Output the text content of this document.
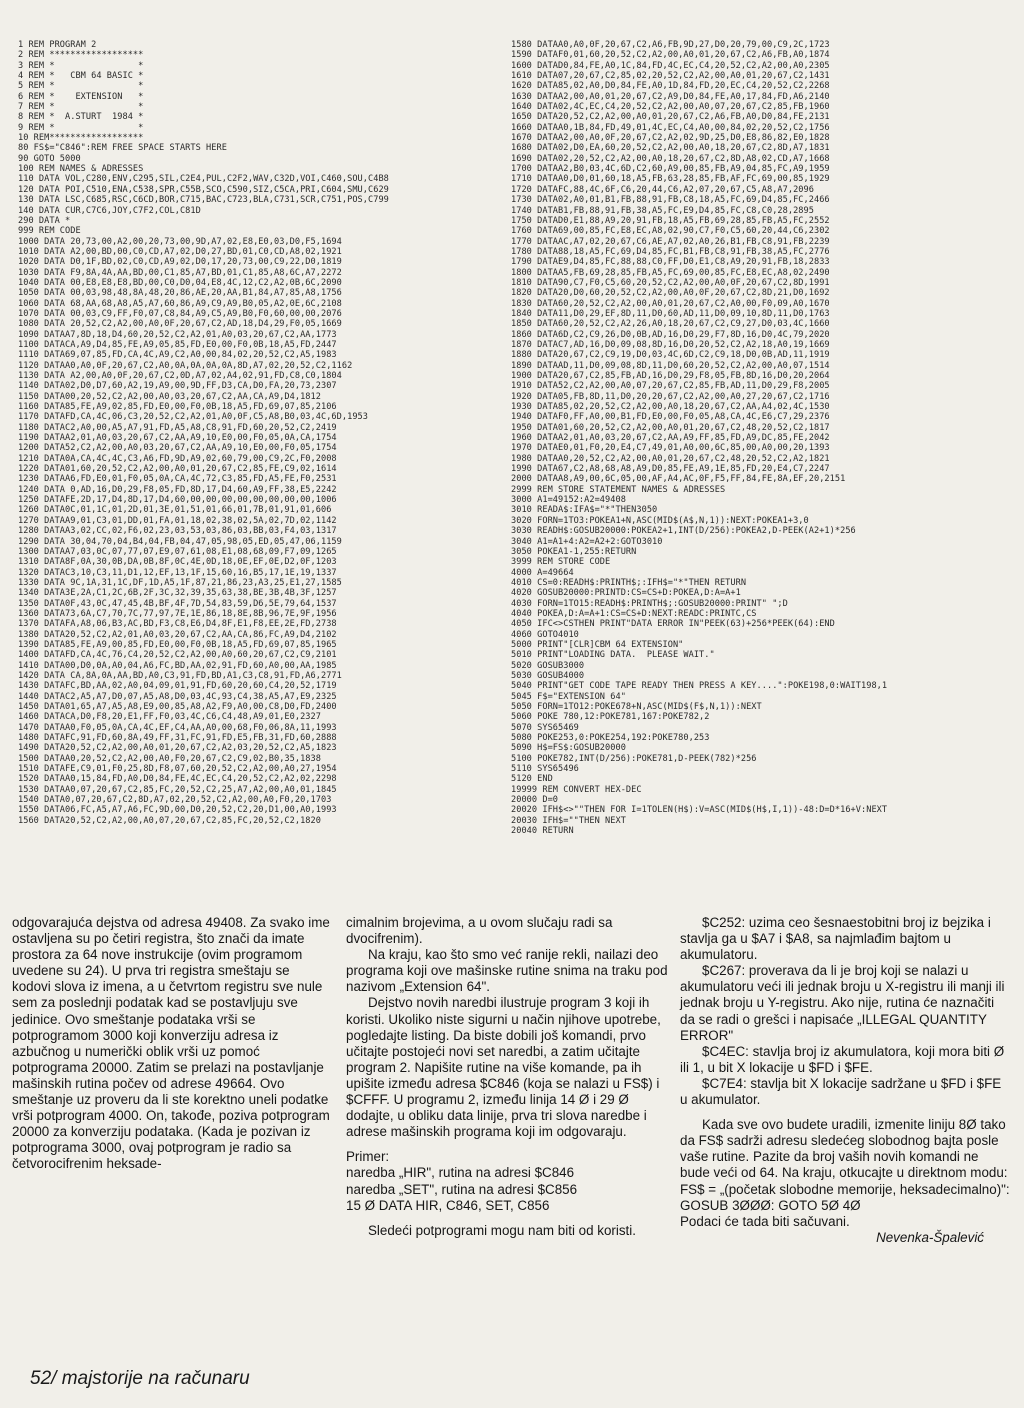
1 REM PROGRAM 2
2 REM ******************
3 REM *                *
4 REM *   CBM 64 BASIC *
5 REM *                *
6 REM *    EXTENSION   *
7 REM *                *
8 REM *  A.STURT  1984 *
9 REM *                *
10 REM******************
80 FS$="C846":REM FREE SPACE STARTS HERE
90 GOTO 5000
100 REM NAMES & ADRESSES
110 DATA VOL,C280,ENV,C295,SIL,C2E4,PUL,C2F2,WAV,C32D,VOI,C460,SOU,C4B8
120 DATA POI,C510,ENA,C538,SPR,C55B,SCO,C590,SIZ,C5CA,PRI,C604,SMU,C629
130 DATA LSC,C685,RSC,C6CD,BOR,C715,BAC,C723,BLA,C731,SCR,C751,POS,C799
140 DATA CUR,C7C6,JOY,C7F2,COL,C81D
290 DATA *
999 REM CODE
1000 DATA 20,73,00,A2,00,20,73,00,9D,A7,02,E8,E0,03,D0,F5,1694
1010 DATA A2,00,BD,00,C0,CD,A7,02,D0,27,BD,01,C0,CD,A8,02,1921
1020 DATA D0,1F,BD,02,C0,CD,A9,02,D0,17,20,73,00,C9,22,D0,1819
1030 DATA F9,8A,4A,AA,BD,00,C1,85,A7,BD,01,C1,85,A8,6C,A7,2272
1040 DATA 00,E8,E8,E8,BD,00,C0,D0,04,E8,4C,12,C2,A2,0B,6C,2090
1050 DATA 00,03,98,48,8A,48,20,86,AE,20,AA,B1,84,A7,85,A8,1756
1060 DATA 68,AA,68,A8,A5,A7,60,86,A9,C9,A9,B0,05,A2,0E,6C,2108
1070 DATA 00,03,C9,FF,F0,07,C8,84,A9,C5,A9,B0,F0,60,00,00,2076
1080 DATA 20,52,C2,A2,00,A0,0F,20,67,C2,AD,18,D4,29,F0,05,1669
1090 DATAA7,8D,18,D4,60,20,52,C2,A2,01,A0,03,20,67,C2,AA,1773
1100 DATACA,A9,D4,85,FE,A9,05,85,FD,E0,00,F0,0B,18,A5,FD,2447
1110 DATA69,07,85,FD,CA,4C,A9,C2,A0,00,84,02,20,52,C2,A5,1983
1120 DATAA0,A0,0F,20,67,C2,A0,0A,0A,0A,0A,8D,A7,02,20,52,C2,1162
1130 DATA A2,00,A0,0F,20,67,C2,0D,A7,02,A4,02,91,FD,C8,C0,1804
1140 DATA02,D0,D7,60,A2,19,A9,00,9D,FF,D3,CA,D0,FA,20,73,2307
1150 DATA00,20,52,C2,A2,00,A0,03,20,67,C2,AA,CA,A9,D4,1812
1160 DATA85,FE,A9,02,85,FD,E0,00,F0,0B,18,A5,FD,69,07,85,2106
1170 DATAFD,CA,4C,06,C3,20,52,C2,A2,01,A0,0F,C5,A8,B0,03,4C,6D,1953
1180 DATAC2,A0,00,A5,A7,91,FD,A5,A8,C8,91,FD,60,20,52,C2,2419
1190 DATAA2,01,A0,03,20,67,C2,AA,A9,10,E0,00,F0,05,0A,CA,1754
1200 DATA52,C2,A2,00,A0,03,20,67,C2,AA,A9,10,E0,00,F0,05,1754
1210 DATA0A,CA,4C,4C,C3,A6,FD,9D,A9,02,60,79,00,C9,2C,F0,2008
1220 DATA01,60,20,52,C2,A2,00,A0,01,20,67,C2,85,FE,C9,02,1614
1230 DATAA6,FD,E0,01,F0,05,0A,CA,4C,72,C3,85,FD,A5,FE,F0,2531
1240 DATA 0,AD,16,D0,29,F8,05,FD,8D,17,D4,60,A9,FF,38,E5,2242
1250 DATAFE,2D,17,D4,8D,17,D4,60,00,00,00,00,00,00,00,00,1006
1260 DATA0C,01,1C,01,2D,01,3E,01,51,01,66,01,7B,01,91,01,606
1270 DATAA9,01,C3,01,DD,01,FA,01,18,02,38,02,5A,02,7D,02,1142
1280 DATAA3,02,CC,02,F6,02,23,03,53,03,86,03,BB,03,F4,03,1317
1290 DATA 30,04,70,04,B4,04,FB,04,47,05,98,05,ED,05,47,06,1159
1300 DATAA7,03,0C,07,77,07,E9,07,61,08,E1,08,68,09,F7,09,1265
1310 DATA8F,0A,30,0B,DA,0B,8F,0C,4E,0D,18,0E,EF,0E,D2,0F,1203
1320 DATAC3,10,C3,11,D1,12,EF,13,1F,15,60,16,B5,17,1E,19,1337
1330 DATA 9C,1A,31,1C,DF,1D,A5,1F,87,21,86,23,A3,25,E1,27,1585
1340 DATA3E,2A,C1,2C,6B,2F,3C,32,39,35,63,38,BE,3B,4B,3F,1257
1350 DATA0F,43,0C,47,45,4B,BF,4F,7D,54,83,59,D6,5E,79,64,1537
1360 DATA73,6A,C7,70,7C,77,97,7E,1E,86,18,8E,8B,96,7E,9F,1956
1370 DATAFA,A8,06,B3,AC,BD,F3,C8,E6,D4,8F,E1,F8,EE,2E,FD,2738
1380 DATA20,52,C2,A2,01,A0,03,20,67,C2,AA,CA,86,FC,A9,D4,2102
1390 DATA85,FE,A9,00,85,FD,E0,00,F0,0B,18,A5,FD,69,07,85,1965
1400 DATAFD,CA,4C,76,C4,20,52,C2,A2,00,A0,60,20,67,C2,C9,2101
1410 DATA00,D0,0A,A0,04,A6,FC,BD,AA,02,91,FD,60,A0,00,AA,1985
1420 DATA CA,8A,0A,AA,BD,A0,C3,91,FD,BD,A1,C3,C8,91,FD,A6,2771
1430 DATAFC,BD,AA,02,A0,04,09,01,91,FD,60,20,60,C4,20,52,1719
1440 DATAC2,A5,A7,D0,07,A5,A8,D0,03,4C,93,C4,38,A5,A7,E9,2325
1450 DATA01,65,A7,A5,A8,E9,00,85,A8,A2,F9,A0,00,C8,D0,FD,2400
1460 DATACA,D0,F8,20,E1,FF,F0,03,4C,C6,C4,48,A9,01,E0,2327
1470 DATAA0,F0,05,0A,CA,4C,EF,C4,AA,A0,00,68,F0,06,8A,11,1993
1480 DATAFC,91,FD,60,8A,49,FF,31,FC,91,FD,E5,FB,31,FD,60,2888
1490 DATA20,52,C2,A2,00,A0,01,20,67,C2,A2,03,20,52,C2,A5,1823
1500 DATAA0,20,52,C2,A2,00,A0,F0,20,67,C2,C9,02,B0,35,1838
1510 DATAFE,C9,01,F0,25,8D,F8,07,60,20,52,C2,A2,00,A0,27,1954
1520 DATAA0,15,84,FD,A0,D0,84,FE,4C,EC,C4,20,52,C2,A2,02,2298
1530 DATAA0,07,20,67,C2,85,FC,20,52,C2,25,A7,A2,00,A0,01,1845
1540 DATA0,07,20,67,C2,8D,A7,02,20,52,C2,A2,00,A0,F0,20,1703
1550 DATA06,FC,A5,A7,A6,FC,9D,00,D0,20,52,C2,20,D1,00,A0,1993
1560 DATA20,52,C2,A2,00,A0,07,20,67,C2,85,FC,20,52,C2,1820
1580 DATAA0,A0,0F,20,67,C2,A6,FB,9D,27,D0,20,79,00,C9,2C,1723
1590 DATAF0,01,60,20,52,C2,A2,00,A0,01,20,67,C2,A6,FB,A0,1874
1600 DATAD0,84,FE,A0,1C,84,FD,4C,EC,C4,20,52,C2,A2,00,A0,2305
1610 DATA07,20,67,C2,85,02,20,52,C2,A2,00,A0,01,20,67,C2,1431
1620 DATA85,02,A0,D0,84,FE,A0,1D,84,FD,20,EC,C4,20,52,C2,2268
1630 DATAA2,00,A0,01,20,67,C2,A9,D0,84,FE,A0,17,84,FD,A6,2140
1640 DATA02,4C,EC,C4,20,52,C2,A2,00,A0,07,20,67,C2,85,FB,1960
1650 DATA20,52,C2,A2,00,A0,01,20,67,C2,A6,FB,A0,D0,84,FE,2131
1660 DATAA0,1B,84,FD,49,01,4C,EC,C4,A0,00,84,02,20,52,C2,1756
1670 DATAA2,00,A0,0F,20,67,C2,A2,02,9D,25,D0,E8,86,82,E0,1828
1680 DATA02,D0,EA,60,20,52,C2,A2,00,A0,18,20,67,C2,8D,A7,1831
1690 DATA02,20,52,C2,A2,00,A0,18,20,67,C2,8D,A8,02,CD,A7,1668
1700 DATAA2,B0,03,4C,6D,C2,60,A9,00,85,FB,A9,04,85,FC,A9,1959
1710 DATAA0,D0,01,60,18,A5,FB,63,28,85,FB,AF,FC,69,00,85,1929
1720 DATAFC,88,4C,6F,C6,20,44,C6,A2,07,20,67,C5,A8,A7,2096
1730 DATA02,A0,01,B1,FB,88,91,FB,C8,18,A5,FC,69,D4,85,FC,2466
1740 DATAB1,FB,88,91,FB,38,A5,FC,E9,D4,85,FC,C8,C0,28,2895
1750 DATAD0,E1,88,A9,20,91,FB,18,A5,FB,69,28,85,FB,A5,FC,2552
1760 DATA69,00,85,FC,E8,EC,A8,02,90,C7,F0,C5,60,20,44,C6,2302
1770 DATAAC,A7,02,20,67,C6,AE,A7,02,A0,26,B1,FB,C8,91,FB,2239
1780 DATA88,18,A5,FC,69,D4,85,FC,B1,FB,C8,91,FB,38,A5,FC,2776
1790 DATAE9,D4,85,FC,88,88,C0,FF,D0,E1,C8,A9,20,91,FB,18,2833
1800 DATAA5,FB,69,28,85,FB,A5,FC,69,00,85,FC,E8,EC,A8,02,2490
1810 DATA90,C7,F0,C5,60,20,52,C2,A2,00,A0,0F,20,67,C2,8D,1991
1820 DATA20,D0,60,20,52,C2,A2,00,A0,0F,20,67,C2,8D,21,D0,1692
1830 DATA60,20,52,C2,A2,00,A0,01,20,67,C2,A0,00,F0,09,A0,1670
1840 DATA11,D0,29,EF,8D,11,D0,60,AD,11,D0,09,10,8D,11,D0,1763
1850 DATA60,20,52,C2,A2,26,A0,18,20,67,C2,C9,27,D0,03,4C,1660
1860 DATA6D,C2,C9,26,D0,0B,AD,16,D0,29,F7,8D,16,D0,4C,79,2020
1870 DATAC7,AD,16,D0,09,08,8D,16,D0,20,52,C2,A2,18,A0,19,1669
1880 DATA20,67,C2,C9,19,D0,03,4C,6D,C2,C9,18,D0,0B,AD,11,1919
1890 DATAAD,11,D0,09,08,8D,11,D0,60,20,52,C2,A2,00,A0,07,1514
1900 DATA20,67,C2,85,FB,AD,16,D0,29,F8,05,FB,8D,16,D0,20,2064
1910 DATA52,C2,A2,00,A0,07,20,67,C2,85,FB,AD,11,D0,29,F8,2005
1920 DATA05,FB,8D,11,D0,20,20,67,C2,A2,00,A0,27,20,67,C2,1716
1930 DATA85,02,20,52,C2,A2,00,A0,18,20,67,C2,AA,A4,02,4C,1530
1940 DATAF0,FF,A0,00,B1,FD,E0,00,F0,05,A8,CA,4C,E6,C7,29,2376
1950 DATA01,60,20,52,C2,A2,00,A0,01,20,67,C2,48,20,52,C2,1817
1960 DATAA2,01,A0,03,20,67,C2,AA,A9,FF,85,FD,A9,DC,85,FE,2042
1970 DATAE0,01,F0,20,E4,C7,49,01,A0,00,6C,85,00,A0,00,20,1393
1980 DATAA0,20,52,C2,A2,00,A0,01,20,67,C2,48,20,52,C2,A2,1821
1990 DATA67,C2,A8,68,A8,A9,D0,85,FE,A9,1E,85,FD,20,E4,C7,2247
2000 DATAA8,A9,00,6C,05,00,AF,A4,AC,0F,F5,FF,84,FE,8A,EF,20,2151
2999 REM STORE STATEMENT NAMES & ADRESSES
3000 A1=49152:A2=49408
3010 READA$:IFA$="*"THEN3050
3020 FORN=1TO3:POKEA1+N,ASC(MID$(A$,N,1)):NEXT:POKEA1+3,0
3030 READH$:GOSUB20000:POKEA2+1,INT(D/256):POKEA2,D-PEEK(A2+1)*256
3040 A1=A1+4:A2=A2+2:GOTO3010
3050 POKEA1-1,255:RETURN
3999 REM STORE CODE
4000 A=49664
4010 CS=0:READH$:PRINTH$;:IFH$="*"THEN RETURN
4020 GOSUB20000:PRINTD:CS=CS+D:POKEA,D:A=A+1
4030 FORN=1TO15:READH$:PRINTH$;:GOSUB20000:PRINT" ";D
4040 POKEA,D:A=A+1:CS=CS+D:NEXT:READC:PRINTC,CS
4050 IFC<>CSTHEN PRINT"DATA ERROR IN"PEEK(63)+256*PEEK(64):END
4060 GOTO4010
5000 PRINT"[CLR]CBM 64 EXTENSION"
5010 PRINT"LOADING DATA.  PLEASE WAIT."
5020 GOSUB3000
5030 GOSUB4000
5040 PRINT"GET CODE TAPE READY THEN PRESS A KEY....":POKE198,0:WAIT198,1
5045 F$="EXTENSION 64"
5050 FORN=1TO12:POKE678+N,ASC(MID$(F$,N,1)):NEXT
5060 POKE 780,12:POKE781,167:POKE782,2
5070 SYS65469
5080 POKE253,0:POKE254,192:POKE780,253
5090 H$=FS$:GOSUB20000
5100 POKE782,INT(D/256):POKE781,D-PEEK(782)*256
5110 SYS65496
5120 END
19999 REM CONVERT HEX-DEC
20000 D=0
20020 IFH$<>""THEN FOR I=1TOLEN(H$):V=ASC(MID$(H$,I,1))-48:D=D*16+V:NEXT
20030 IFH$=""THEN NEXT
20040 RETURN

odgovarajuća dejstva od adresa 49408. Za svako ime ostavljena su po četiri registra, što znači da imate prostora za 64 nove instrukcije (ovim programom uvedene su 24). U prva tri registra smeštaju se kodovi slova iz imena, a u četvrtom registru sve nule sem za poslednji podatak kad se postavljuju sve jedinice. Ovo smeštanje podataka vrši se potprogramom 3000 koji konverziju adresa iz azbučnog u numerički oblik vrši uz pomoć potprograma 20000. Zatim se prelazi na postavljanje mašinskih rutina počev od adrese 49664. Ovo smeštanje uz proveru da li ste korektno uneli podatke vrši potprogram 4000. On, takođe, poziva potprogram 20000 za konverziju podataka. (Kada je pozivan iz potprograma 3000, ovaj potprogram je radio sa četvorocifrenim heksade-

cimalnim brojevima, a u ovom slučaju radi sa dvocifrenim).

Na kraju, kao što smo već ranije rekli, nailazi deo programa koji ove mašinske rutine snima na traku pod nazivom „Extension 64".

Dejstvo novih naredbi ilustruje program 3 koji ih koristi. Ukoliko niste sigurni u način njihove upotrebe, pogledajte listing. Da biste dobili još komandi, prvo učitajte postojeći novi set naredbi, a zatim učitajte program 2. Napišite rutine na više komande, pa ih upišite između adresa $C846 (koja se nalazi u FS$) i $CFFF. U programu 2, između linija 14 Ø i 29 Ø dodajte, u obliku data linije, prva tri slova naredbe i adrese mašinskih programa koji im odgovaraju.

Primer:

naredba „HIR", rutina na adresi $C846

naredba „SET", rutina na adresi $C856

15 Ø DATA HIR, C846, SET, C856

Sledeći potprogrami mogu nam biti od koristi.

$C252: uzima ceo šesnaestobitni broj iz bejzika i stavlja ga u $A7 i $A8, sa najmlađim bajtom u akumulatoru.

$C267: proverava da li je broj koji se nalazi u akumulatoru veći ili jednak broju u X-registru ili manji ili jednak broju u Y-registru. Ako nije, rutina će naznačiti da se radi o grešci i napisaće „ILLEGAL QUANTITY ERROR"

$C4EC: stavlja broj iz akumulatora, koji mora biti Ø ili 1, u bit X lokacije u $FD i $FE.

$C7E4: stavlja bit X lokacije sadržane u $FD i $FE u akumulator.

Kada sve ovo budete uradili, izmenite liniju 8Ø tako da FS$ sadrži adresu sledećeg slobodnog bajta posle vaše rutine. Pazite da broj vaših novih komandi ne bude veći od 64. Na kraju, otkucajte u direktnom modu:

FS$ = „(početak slobodne memorije, heksadecimalno)":

GOSUB 3ØØØ: GOTO 5Ø 4Ø

Podaci će tada biti sačuvani.

Nevenka-Špalević

52/ majstorije na računaru
